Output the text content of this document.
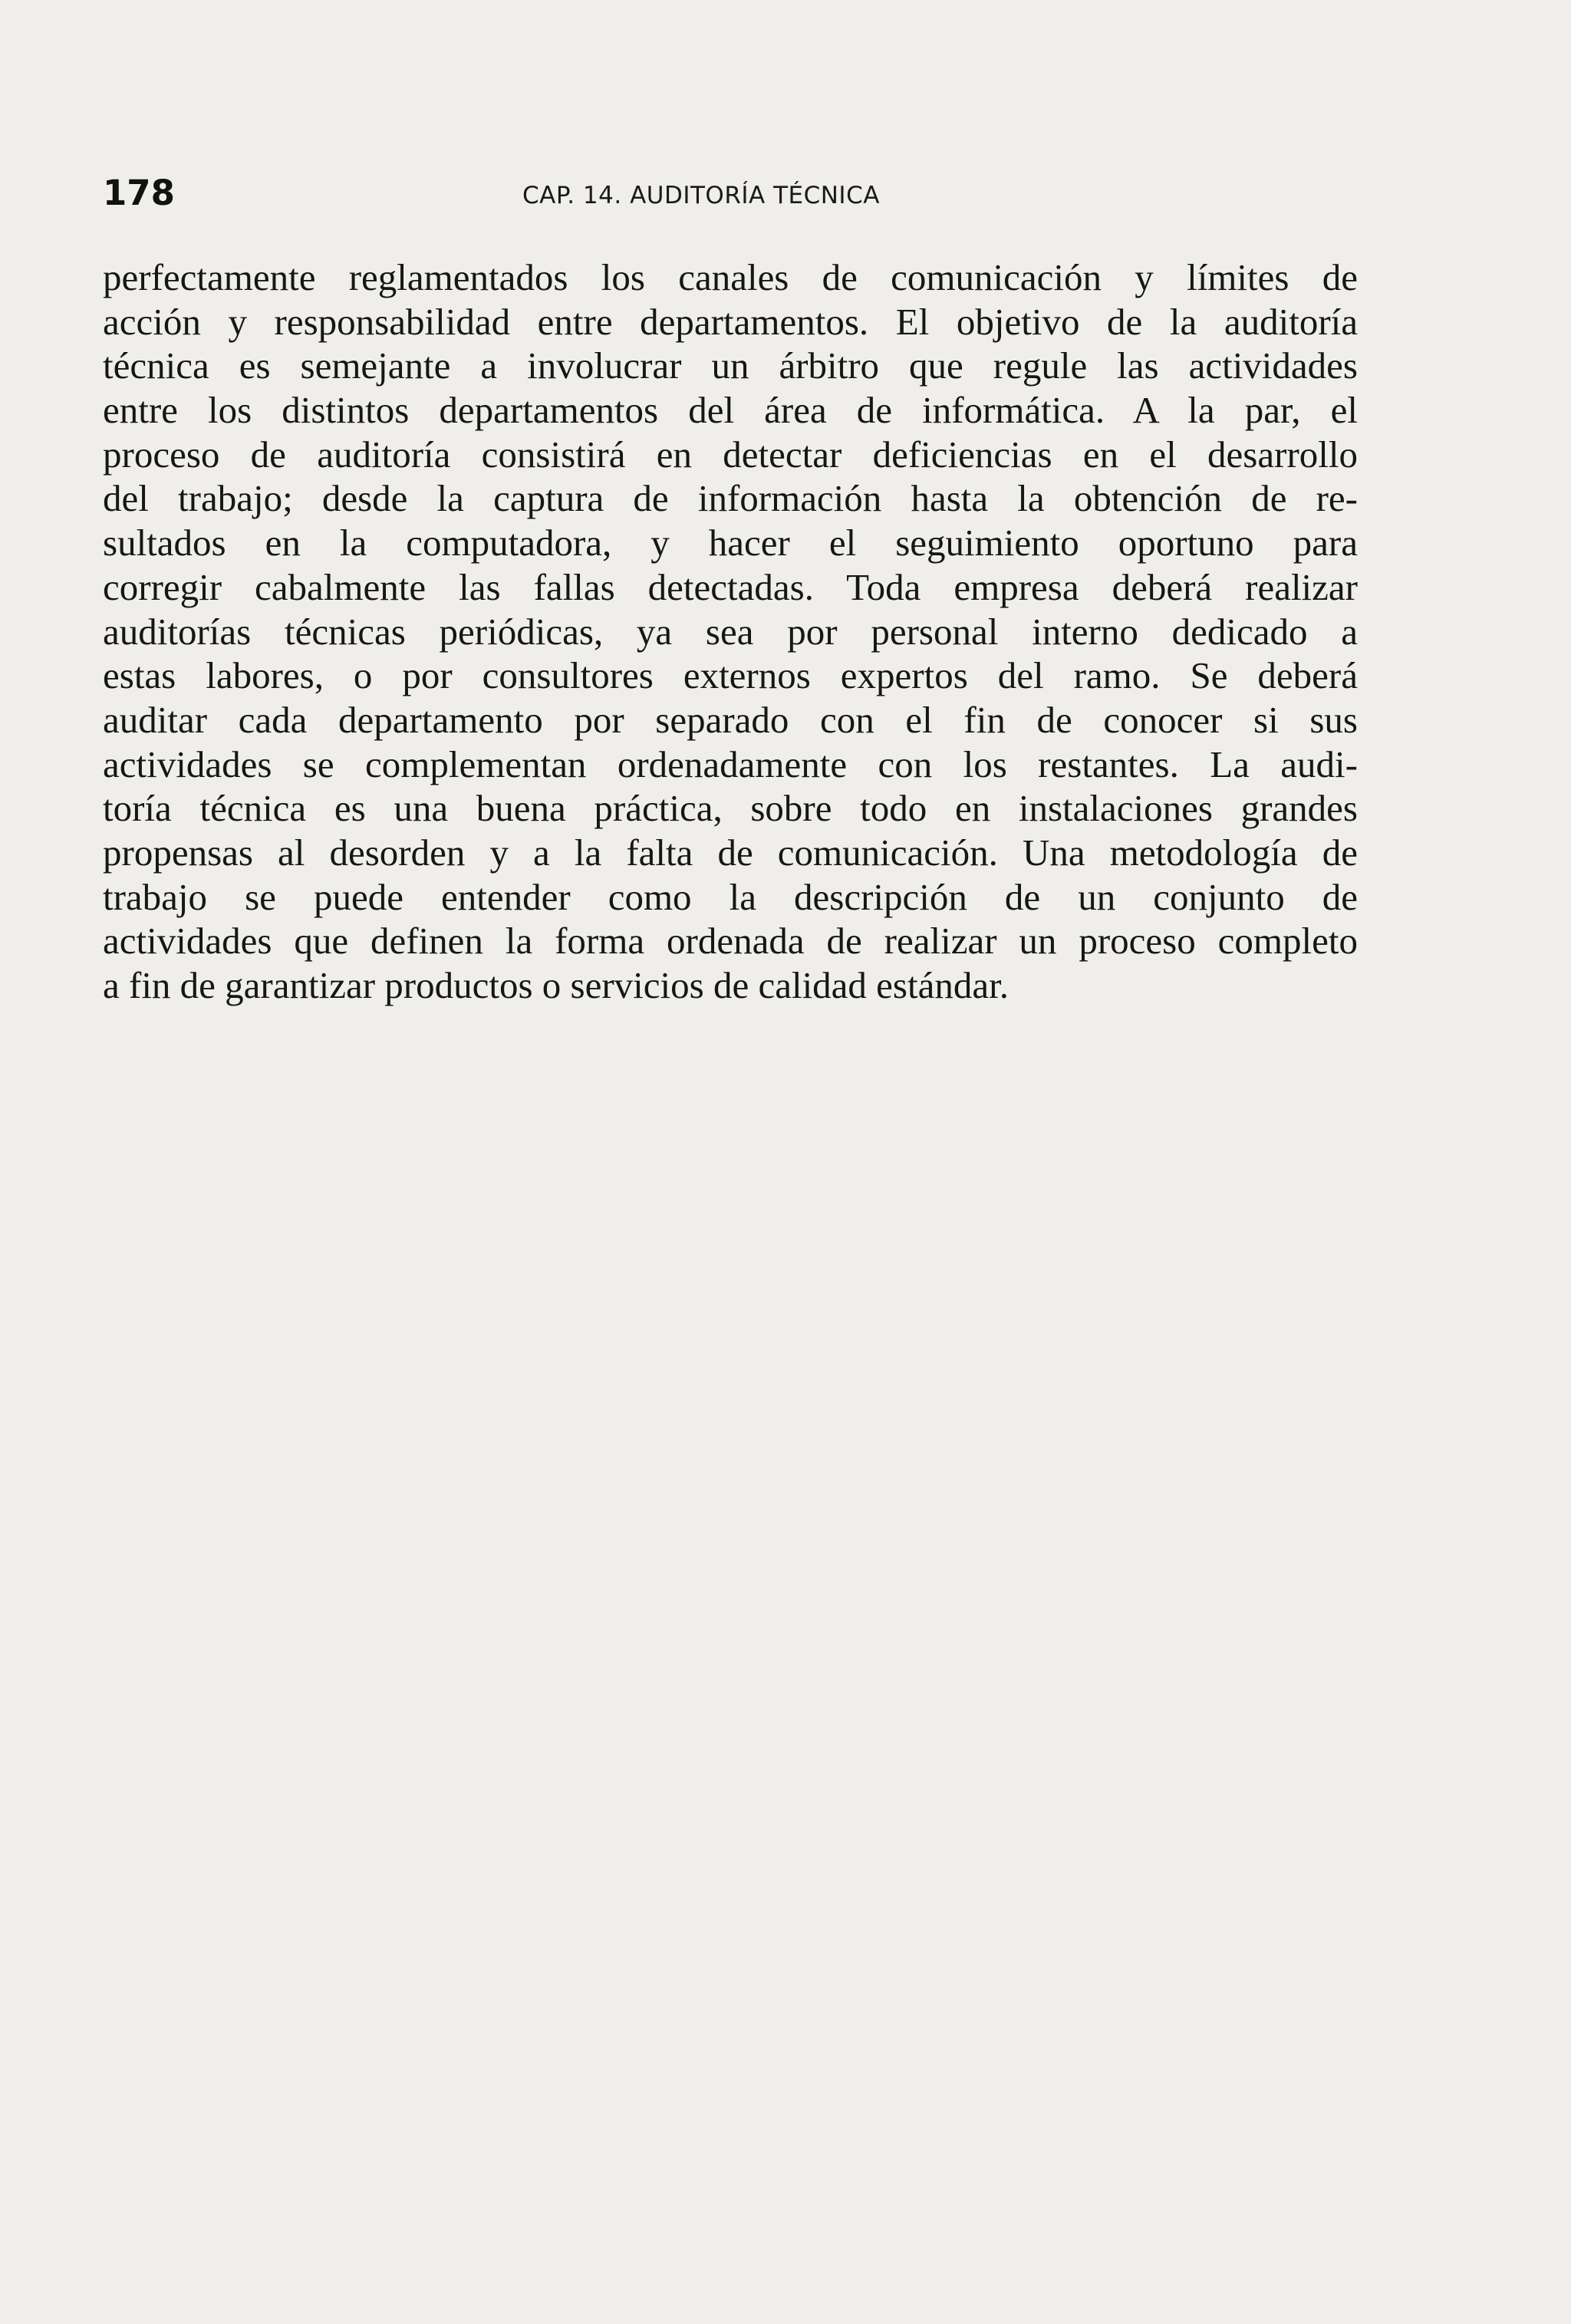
178	CAP. 14. AUDITORÍA TÉCNICA
perfectamente reglamentados los canales de comunicación y límites de
acción y responsabilidad entre departamentos. El objetivo de la auditoría
técnica es semejante a involucrar un árbitro que regule las actividades
entre los distintos departamentos del área de informática. A la par, el
proceso de auditoría consistirá en detectar deficiencias en el desarrollo
del trabajo; desde la captura de información hasta la obtención de re-
sultados en la computadora, y hacer el seguimiento oportuno para
corregir cabalmente las fallas detectadas. Toda empresa deberá realizar
auditorías técnicas periódicas, ya sea por personal interno dedicado a
estas labores, o por consultores externos expertos del ramo. Se deberá
auditar cada departamento por separado con el fin de conocer si sus
actividades se complementan ordenadamente con los restantes. La audi-
toría técnica es una buena práctica, sobre todo en instalaciones grandes
propensas al desorden y a la falta de comunicación. Una metodología de
trabajo se puede entender como la descripción de un conjunto de
actividades que definen la forma ordenada de realizar un proceso completo
a fin de garantizar productos o servicios de calidad estándar.
